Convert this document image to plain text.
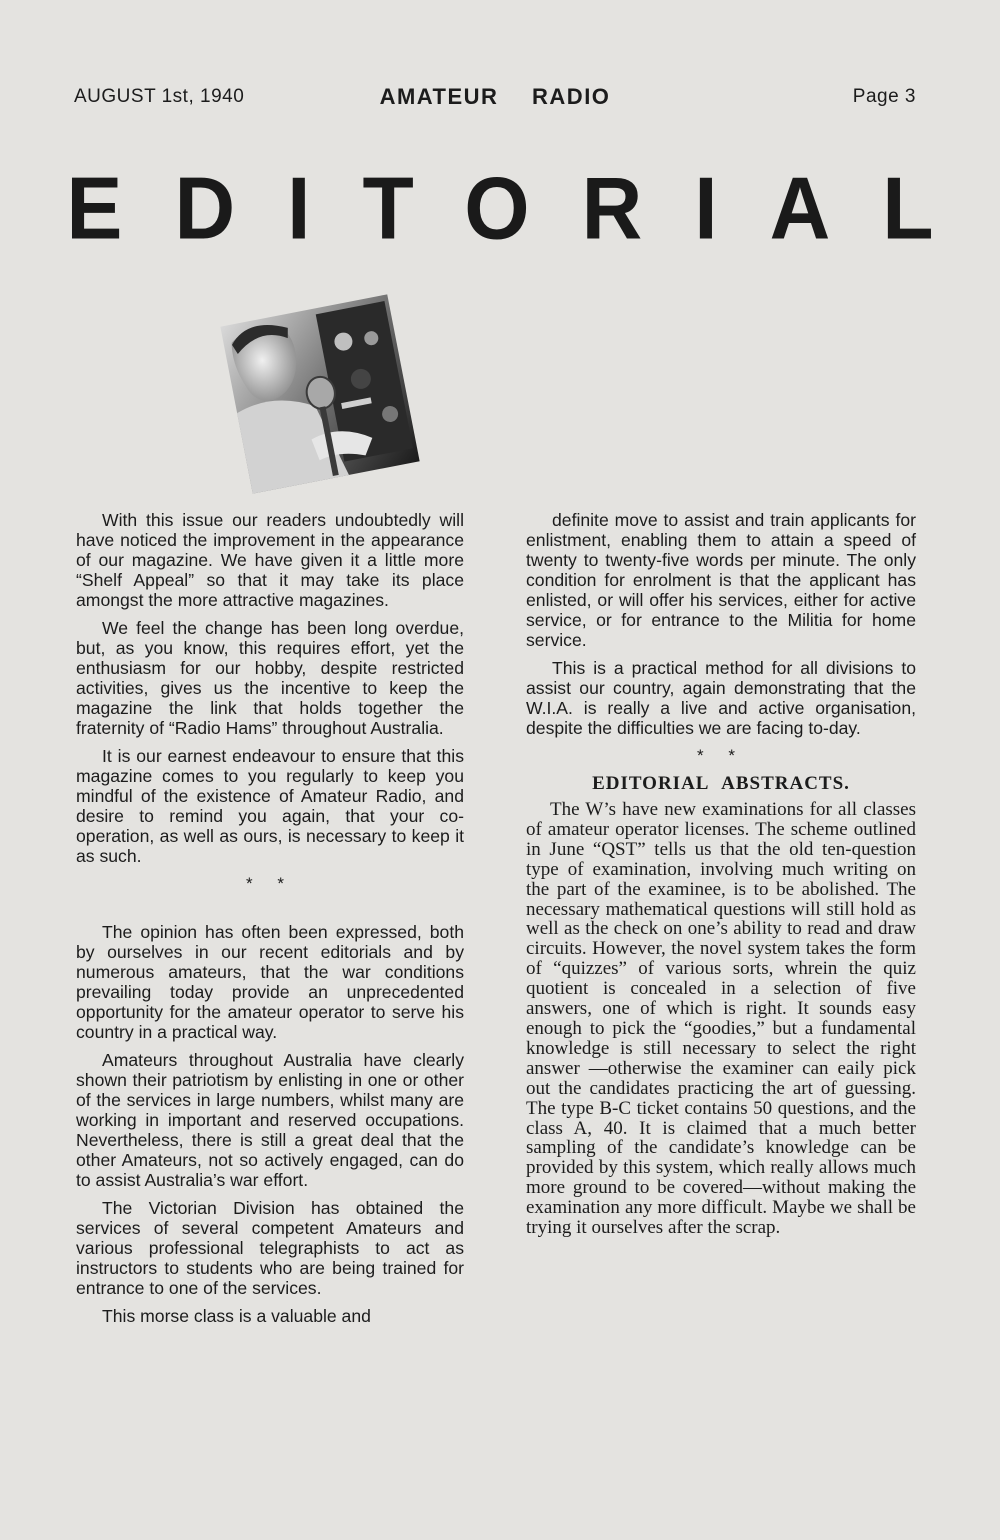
AUGUST 1st, 1940	AMATEUR RADIO	Page 3
EDITORIAL

With this issue our readers undoubtedly will have noticed the improvement in the appearance of our magazine. We have given it a little more “Shelf Appeal” so that it may take its place amongst the more attractive magazines.

We feel the change has been long overdue, but, as you know, this requires effort, yet the enthusiasm for our hobby, despite restricted activities, gives us the incentive to keep the magazine the link that holds together the fraternity of “Radio Hams” throughout Australia.

It is our earnest endeavour to ensure that this magazine comes to you regularly to keep you mindful of the existence of Amateur Radio, and desire to remind you again, that your co-operation, as well as ours, is necessary to keep it as such.

* *

The opinion has often been expressed, both by ourselves in our recent editorials and by numerous amateurs, that the war conditions prevailing today provide an unprecedented opportunity for the amateur operator to serve his country in a practical way.

Amateurs throughout Australia have clearly shown their patriotism by enlisting in one or other of the services in large numbers, whilst many are working in important and reserved occupations. Nevertheless, there is still a great deal that the other Amateurs, not so actively engaged, can do to assist Australia’s war effort.

The Victorian Division has obtained the services of several competent Amateurs and various professional telegraphists to act as instructors to students who are being trained for entrance to one of the services.

This morse class is a valuable and

definite move to assist and train applicants for enlistment, enabling them to attain a speed of twenty to twenty-five words per minute. The only condition for enrolment is that the applicant has enlisted, or will offer his services, either for active service, or for entrance to the Militia for home service.

This is a practical method for all divisions to assist our country, again demonstrating that the W.I.A. is really a live and active organisation, despite the difficulties we are facing to-day.

* *
EDITORIAL ABSTRACTS.

The W’s have new examinations for all classes of amateur operator licenses. The scheme outlined in June “QST” tells us that the old ten-question type of examination, involving much writing on the part of the examinee, is to be abolished. The necessary mathematical questions will still hold as well as the check on one’s ability to read and draw circuits. However, the novel system takes the form of “quizzes” of various sorts, whrein the quiz quotient is concealed in a selection of five answers, one of which is right. It sounds easy enough to pick the “goodies,” but a fundamental knowledge is still necessary to select the right answer —otherwise the examiner can eaily pick out the candidates practicing the art of guessing. The type B-C ticket contains 50 questions, and the class A, 40. It is claimed that a much better sampling of the candidate’s knowledge can be provided by this system, which really allows much more ground to be covered—without making the examination any more difficult. Maybe we shall be trying it ourselves after the scrap.
